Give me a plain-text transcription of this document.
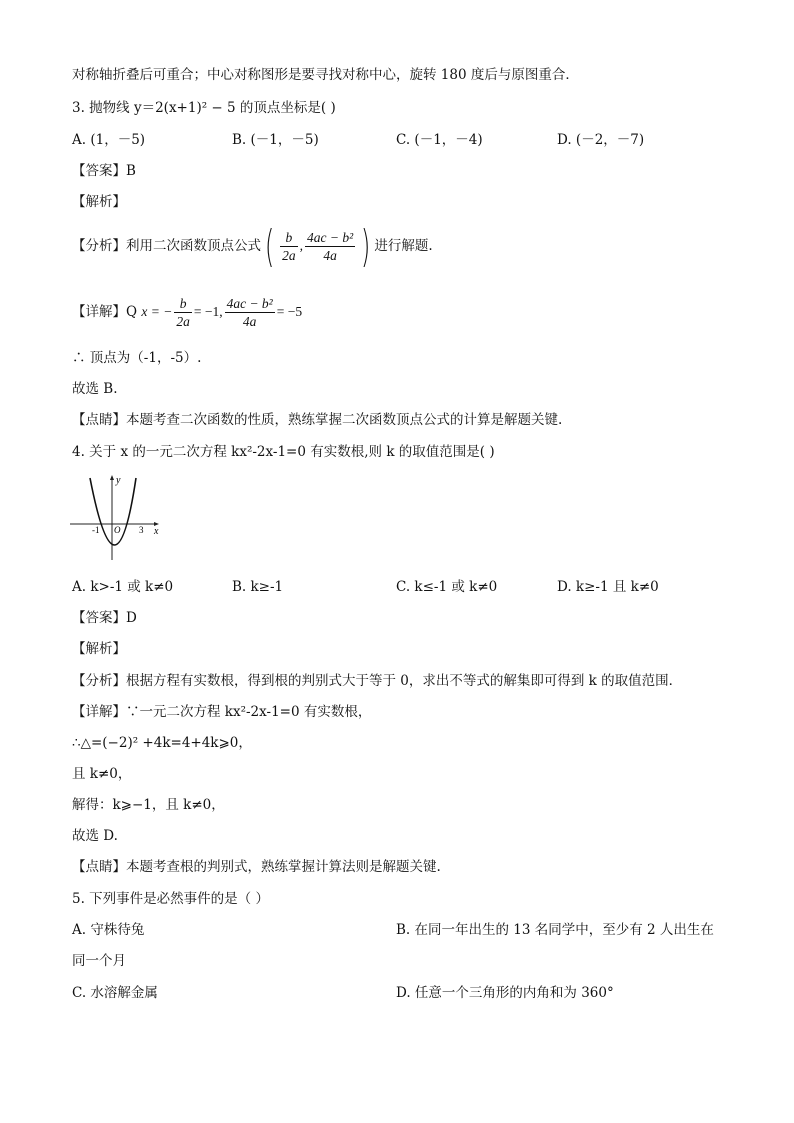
对称轴折叠后可重合；中心对称图形是要寻找对称中心，旋转 180 度后与原图重合．
3. 抛物线 y＝2(x+1)² − 5 的顶点坐标是( )
A. (1，－5)	B. (－1，－5)	C. (－1，－4)	D. (－2，－7)
【答案】B
【解析】
【分析】利用二次函数顶点公式( $\frac{b}{2a}$ , $\frac{\text{4ac − b²}}{4a}$ ) 进行解题.
【详解】Q x = − $\frac{b}{2a} = -1$, $\frac{\text{4ac − b²}}{4a} = -5$
∴ 顶点为（-1，-5）.
故选 B.
【点睛】本题考查二次函数的性质，熟练掌握二次函数顶点公式的计算是解题关键.
4. 关于 x 的一元二次方程 kx²-2x-1=0 有实数根,则 k 的取值范围是( )
y
x
-1 O 3
A. k>-1 或 k≠0	B. k≥-1	C. k≤-1 或 k≠0	D. k≥-1 且 k≠0
【答案】D
【解析】
【分析】根据方程有实数根，得到根的判别式大于等于 0，求出不等式的解集即可得到 k 的取值范围．
【详解】∵一元二次方程 kx²-2x-1=0 有实数根，
∴△=(−2)² +4k=4+4k⩾0，
且 k≠0，
解得：k⩾−1，且 k≠0，
故选 D.
【点睛】本题考查根的判别式，熟练掌握计算法则是解题关键.
5. 下列事件是必然事件的是（ ）
A. 守株待兔	B. 在同一年出生的 13 名同学中，至少有 2 人出生在
同一个月
C. 水溶解金属	D. 任意一个三角形的内角和为 360°
